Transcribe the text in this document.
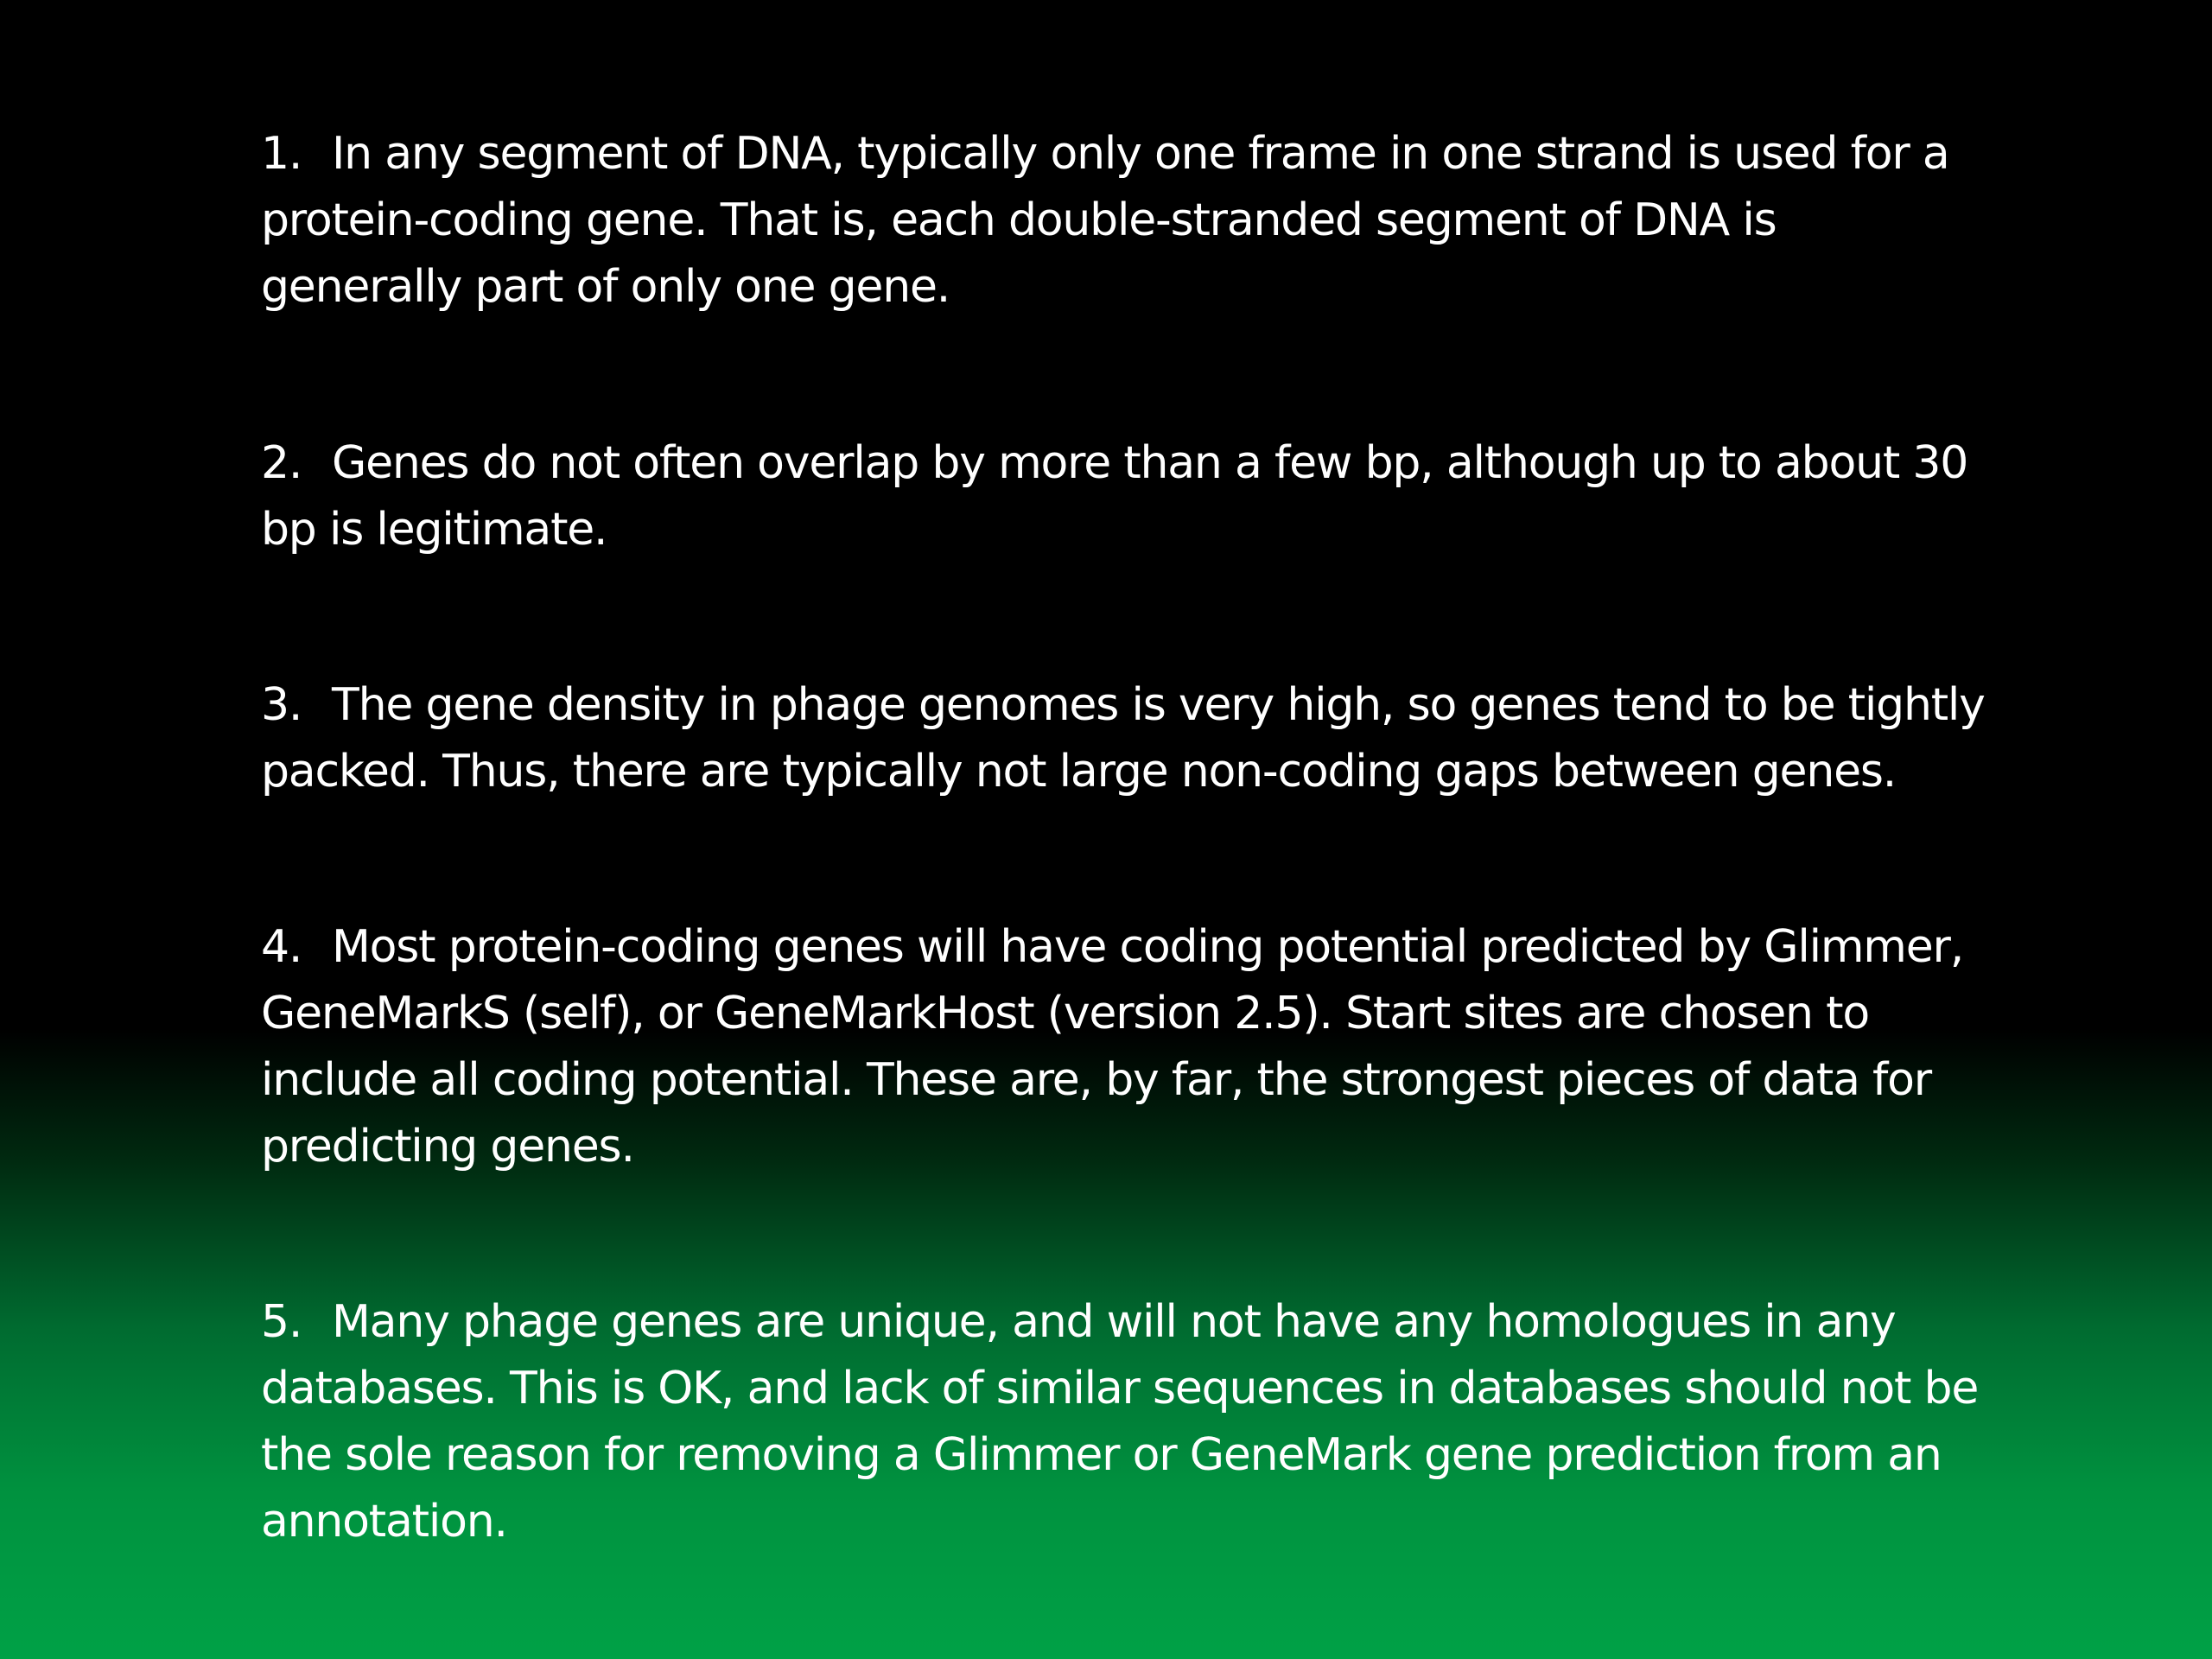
1. In any segment of DNA, typically only one frame in one strand is used for a
protein-coding gene. That is, each double-stranded segment of DNA is
generally part of only one gene.
2. Genes do not often overlap by more than a few bp, although up to about 30
bp is legitimate.
3. The gene density in phage genomes is very high, so genes tend to be tightly
packed. Thus, there are typically not large non-coding gaps between genes.
4. Most protein-coding genes will have coding potential predicted by Glimmer,
GeneMarkS (self), or GeneMarkHost (version 2.5). Start sites are chosen to
include all coding potential. These are, by far, the strongest pieces of data for
predicting genes.
5. Many phage genes are unique, and will not have any homologues in any
databases. This is OK, and lack of similar sequences in databases should not be
the sole reason for removing a Glimmer or GeneMark gene prediction from an
annotation.
